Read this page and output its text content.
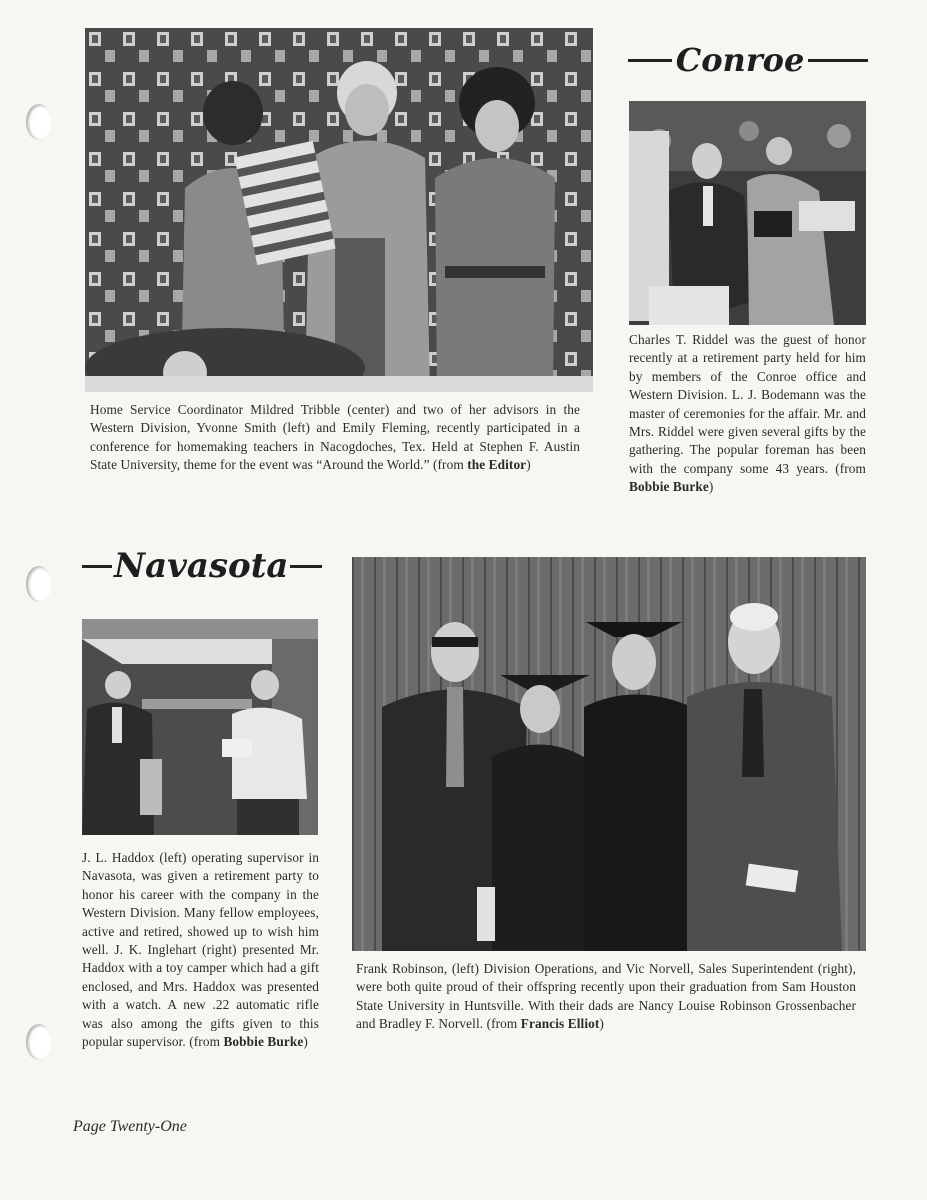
Home Service Coordinator Mildred Tribble (center) and two of her advisors in the Western Division, Yvonne Smith (left) and Emily Fleming, recently participated in a conference for homemaking teachers in Nacogdoches, Tex. Held at Stephen F. Austin State University, theme for the event was “Around the World.” (from the Editor)
Conroe
Charles T. Riddel was the guest of honor recently at a retirement party held for him by members of the Conroe office and Western Division. L. J. Bodemann was the master of ceremonies for the affair. Mr. and Mrs. Riddel were given several gifts by the gathering. The popular foreman has been with the company some 43 years. (from Bobbie Burke)
Navasota
J. L. Haddox (left) operating supervisor in Navasota, was given a retirement party to honor his career with the company in the Western Division. Many fellow employees, active and retired, showed up to wish him well. J. K. Inglehart (right) presented Mr. Haddox with a toy camper which had a gift enclosed, and Mrs. Haddox was presented with a watch. A new .22 automatic rifle was also among the gifts given to this popular supervisor. (from Bobbie Burke)
Frank Robinson, (left) Division Operations, and Vic Norvell, Sales Superintendent (right), were both quite proud of their offspring recently upon their graduation from Sam Houston State University in Huntsville. With their dads are Nancy Louise Robinson Grossenbacher and Bradley F. Norvell. (from Francis Elliot)
Page Twenty-One
